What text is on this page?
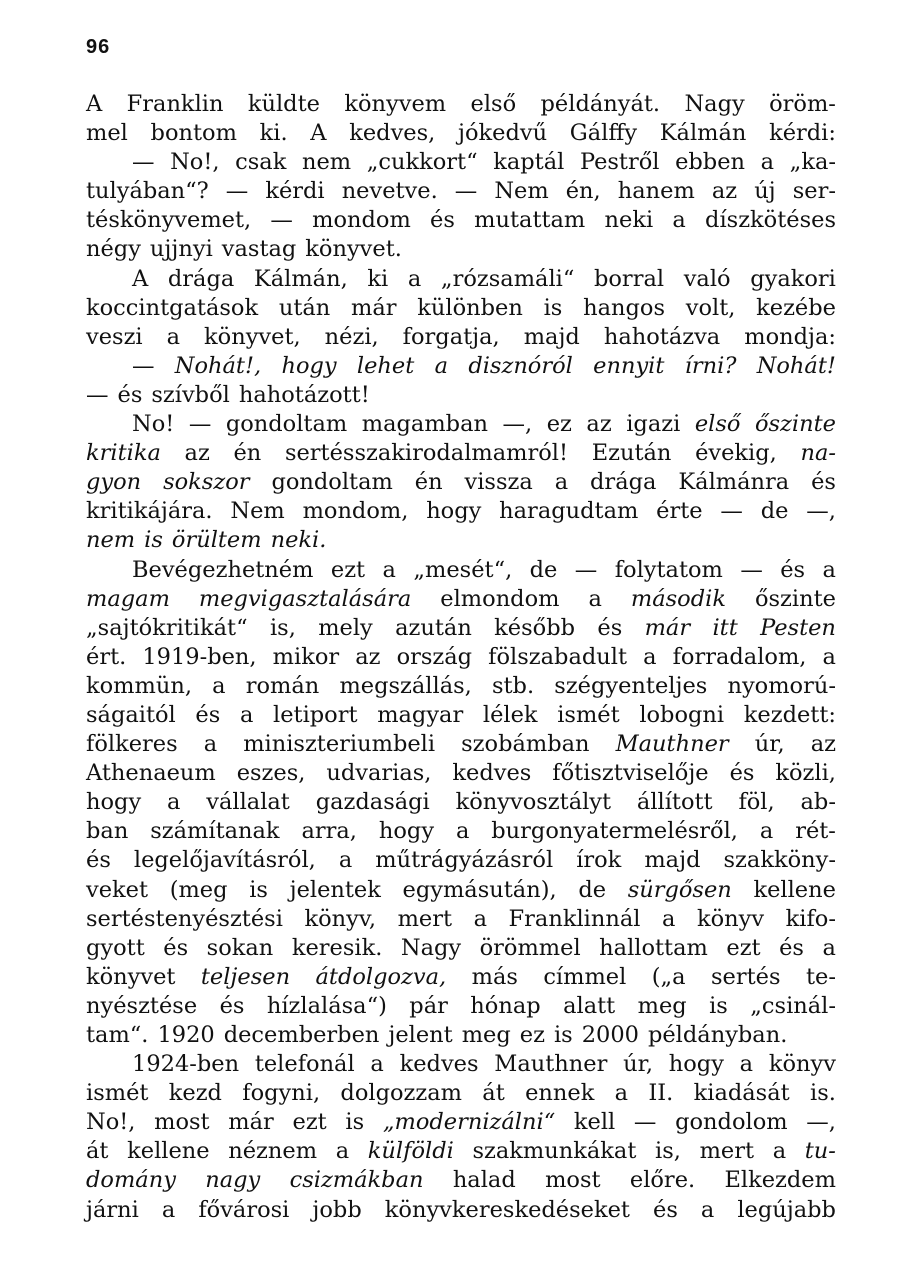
96
A Franklin küldte könyvem első példányát. Nagy öröm-
mel bontom ki. A kedves, jókedvű Gálffy Kálmán kérdi:
— No!, csak nem „cukkort“ kaptál Pestről ebben a „ka-
tulyában“? — kérdi nevetve. — Nem én, hanem az új ser-
téskönyvemet, — mondom és mutattam neki a díszkötéses
négy ujjnyi vastag könyvet.
A drága Kálmán, ki a „rózsamáli“ borral való gyakori
koccintgatások után már különben is hangos volt, kezébe
veszi a könyvet, nézi, forgatja, majd hahotázva mondja:
— Nohát!, hogy lehet a disznóról ennyit írni? Nohát!
— és szívből hahotázott!
No! — gondoltam magamban —, ez az igazi első őszinte
kritika az én sertésszakirodalmamról! Ezután évekig, na-
gyon sokszor gondoltam én vissza a drága Kálmánra és
kritikájára. Nem mondom, hogy haragudtam érte — de —,
nem is örültem neki.
Bevégezhetném ezt a „mesét“, de — folytatom — és a
magam megvigasztalására elmondom a második őszinte
„sajtókritikát“ is, mely azután később és már itt Pesten
ért. 1919-ben, mikor az ország fölszabadult a forradalom, a
kommün, a román megszállás, stb. szégyenteljes nyomorú-
ságaitól és a letiport magyar lélek ismét lobogni kezdett:
fölkeres a miniszteriumbeli szobámban Mauthner úr, az
Athenaeum eszes, udvarias, kedves főtisztviselője és közli,
hogy a vállalat gazdasági könyvosztályt állított föl, ab-
ban számítanak arra, hogy a burgonyatermelésről, a rét-
és legelőjavításról, a műtrágyázásról írok majd szakköny-
veket (meg is jelentek egymásután), de sürgősen kellene
sertéstenyésztési könyv, mert a Franklinnál a könyv kifo-
gyott és sokan keresik. Nagy örömmel hallottam ezt és a
könyvet teljesen átdolgozva, más címmel („a sertés te-
nyésztése és hízlalása“) pár hónap alatt meg is „csinál-
tam“. 1920 decemberben jelent meg ez is 2000 példányban.
1924-ben telefonál a kedves Mauthner úr, hogy a könyv
ismét kezd fogyni, dolgozzam át ennek a II. kiadását is.
No!, most már ezt is „modernizálni“ kell — gondolom —,
át kellene néznem a külföldi szakmunkákat is, mert a tu-
domány nagy csizmákban halad most előre. Elkezdem
járni a fővárosi jobb könyvkereskedéseket és a legújabb
